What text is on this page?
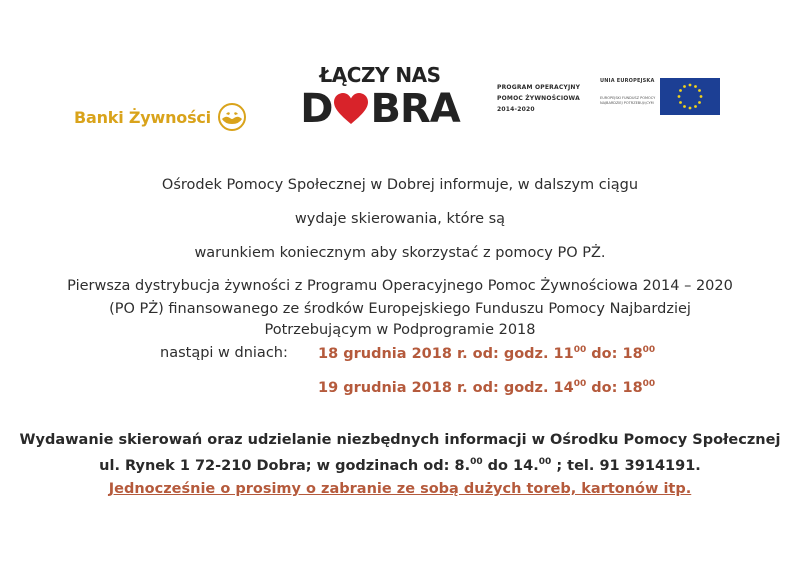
Banki Żywności
ŁĄCZY NAS
D BRA	PROGRAM OPERACYJNY
POMOC ŻYWNOŚCIOWA
2014-2020
UNIA EUROPEJSKA
EUROPEJSKI FUNDUSZ POMOCY NAJBARDZIEJ POTRZEBUJĄCYM
Ośrodek Pomocy Społecznej w Dobrej informuje, w dalszym ciągu
wydaje skierowania, które są
warunkiem koniecznym aby skorzystać z pomocy PO PŻ.
Pierwsza dystrybucja żywności z Programu Operacyjnego Pomoc Żywnościowa 2014 – 2020
(PO PŻ) finansowanego ze środków Europejskiego Funduszu Pomocy Najbardziej
Potrzebującym w Podprogramie 2018
nastąpi w dniach: 18 grudnia 2018 r. od: godz. $11^{00}$ do: $18^{00}$
19 grudnia 2018 r. od: godz. $14^{00}$ do: $18^{00}$
Wydawanie skierowań oraz udzielanie niezbędnych informacji w Ośrodku Pomocy Społecznej
ul. Rynek 1 72-210 Dobra; w godzinach od: 8.00 do 14.00 ; tel. 91 3914191.
Jednocześnie o prosimy o zabranie ze sobą dużych toreb, kartonów itp.
